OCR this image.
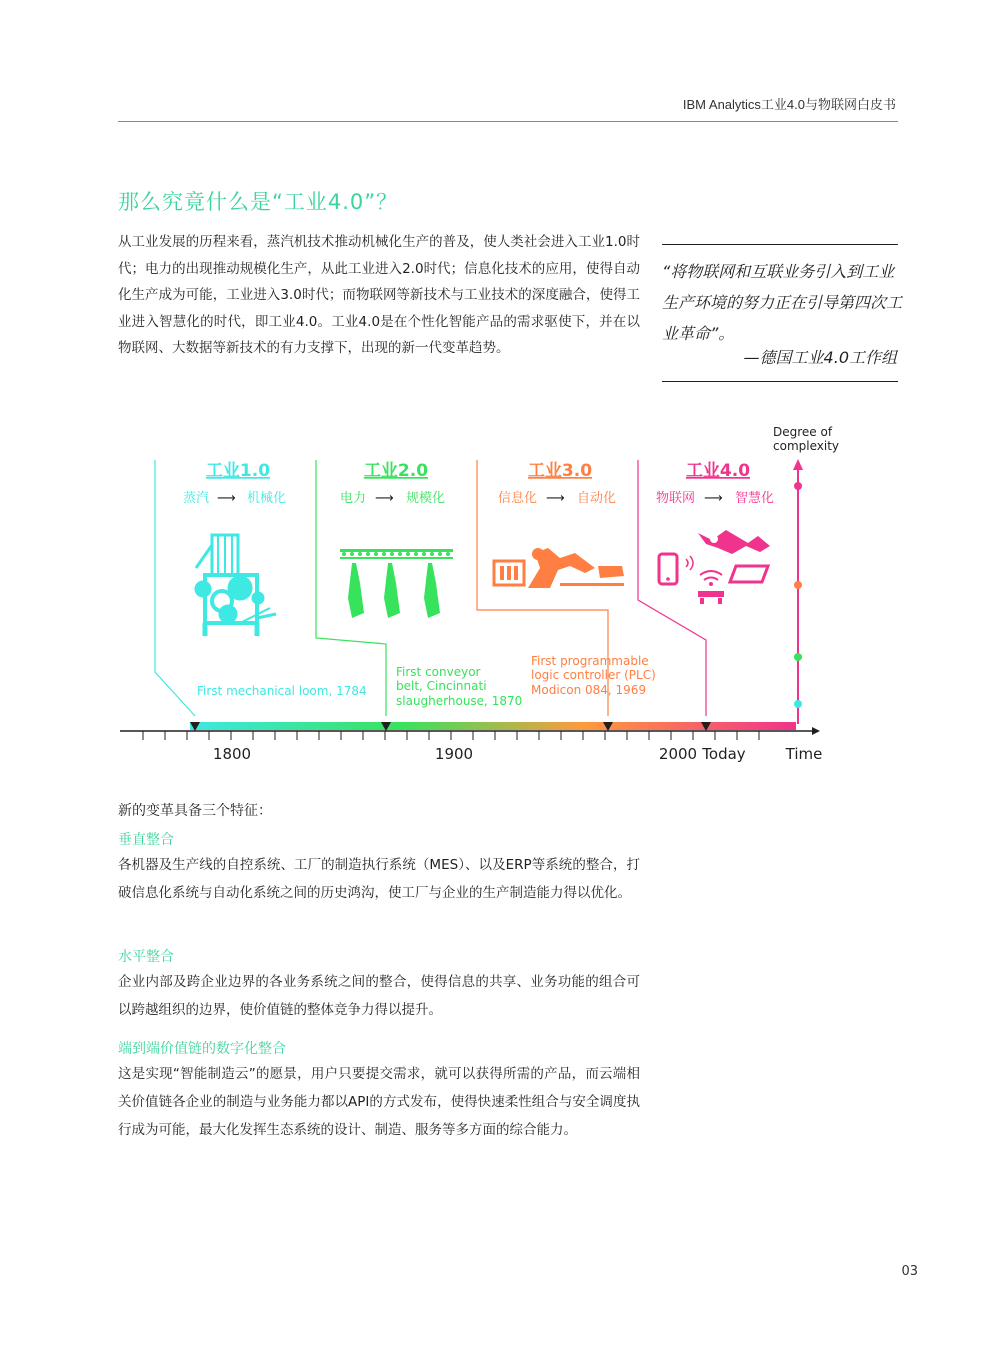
IBM Analytics工业4.0与物联网白皮书
那么究竟什么是“工业4.0”？

从工业发展的历程来看，蒸汽机技术推动机械化生产的普及，使人类社会进入工业1.0时代；电力的出现推动规模化生产，从此工业进入2.0时代；信息化技术的应用，使得自动化生产成为可能，工业进入3.0时代；而物联网等新技术与工业技术的深度融合，使得工业进入智慧化的时代，即工业4.0。工业4.0是在个性化智能产品的需求驱使下，并在以物联网、大数据等新技术的有力支撑下，出现的新一代变革趋势。

“将物联网和互联业务引入到工业生产环境的努力正在引导第四次工业革命”。

—德国工业4.0工作组
Degree of
complexity
工业1.0	工业2.0	工业3.0	工业4.0
蒸汽 ⟶ 机械化	电力 ⟶ 规模化	信息化 ⟶ 自动化	物联网 ⟶ 智慧化
First mechanical loom, 1784
First conveyor
belt, Cincinnati
slaugherhouse, 1870
First programmable
logic controller (PLC)
Modicon 084, 1969
1800	1900	2000 Today	Time
新的变革具备三个特征：
垂直整合

各机器及生产线的自控系统、工厂的制造执行系统（MES）、以及ERP等系统的整合，打破信息化系统与自动化系统之间的历史鸿沟，使工厂与企业的生产制造能力得以优化。

水平整合

企业内部及跨企业边界的各业务系统之间的整合，使得信息的共享、业务功能的组合可以跨越组织的边界，使价值链的整体竞争力得以提升。

端到端价值链的数字化整合

这是实现“智能制造云”的愿景，用户只要提交需求，就可以获得所需的产品，而云端相关价值链各企业的制造与业务能力都以API的方式发布，使得快速柔性组合与安全调度执行成为可能，最大化发挥生态系统的设计、制造、服务等多方面的综合能力。

03
